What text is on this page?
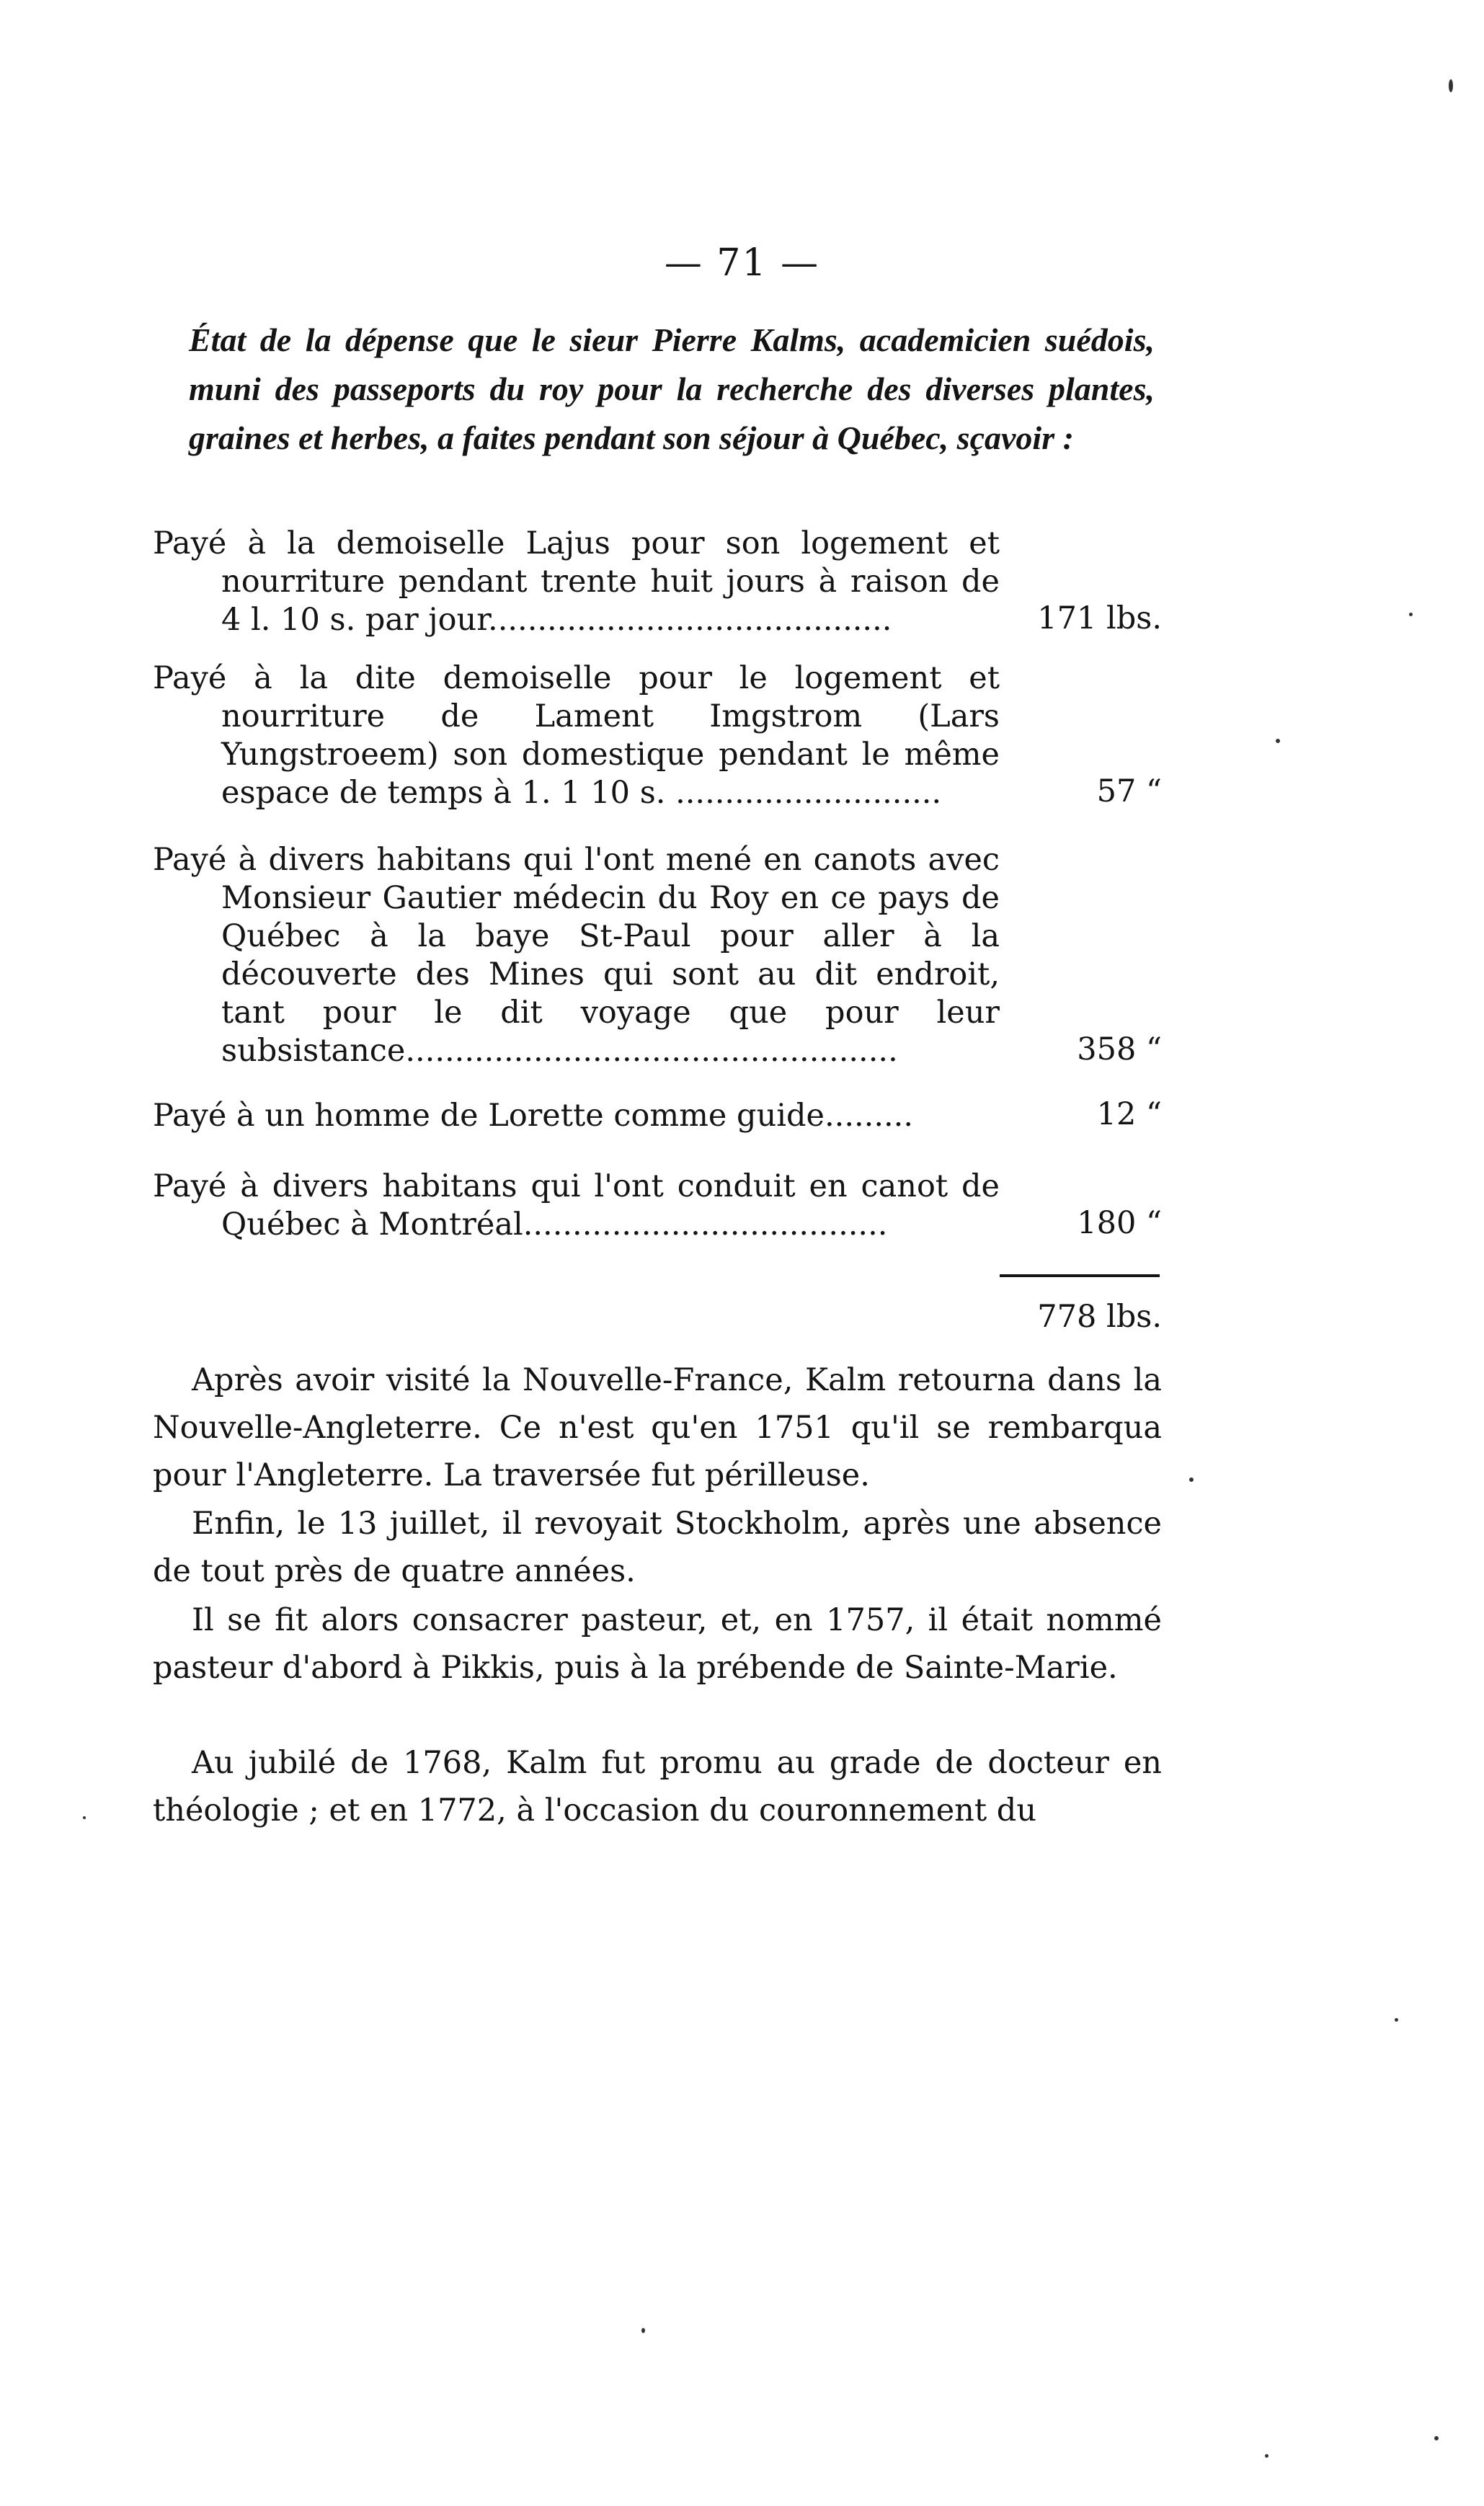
— 71 —
État de la dépense que le sieur Pierre Kalms, academicien suédois, muni des passeports du roy pour la recherche des diverses plantes, graines et herbes, a faites pendant son séjour à Québec, sçavoir :
Payé à la demoiselle Lajus pour son logement et nourriture pendant trente huit jours à raison de 4 l. 10 s. par jour.........................................	171 lbs.
Payé à la dite demoiselle pour le logement et nourriture de Lament Imgstrom (Lars Yungstroeem) son domestique pendant le même espace de temps à 1. 1 10 s. ...........................	57 “
Payé à divers habitans qui l'ont mené en canots avec Monsieur Gautier médecin du Roy en ce pays de Québec à la baye St-Paul pour aller à la découverte des Mines qui sont au dit endroit, tant pour le dit voyage que pour leur subsistance..................................................	358 “
Payé à un homme de Lorette comme guide.........	12 “
Payé à divers habitans qui l'ont conduit en canot de Québec à Montréal.....................................	180 “
778 lbs.
Après avoir visité la Nouvelle-France, Kalm retourna dans la Nouvelle-Angleterre. Ce n'est qu'en 1751 qu'il se rembarqua pour l'Angleterre. La traversée fut périlleuse.
Enfin, le 13 juillet, il revoyait Stockholm, après une absence de tout près de quatre années.
Il se fit alors consacrer pasteur, et, en 1757, il était nommé pasteur d'abord à Pikkis, puis à la prébende de Sainte-Marie.
Au jubilé de 1768, Kalm fut promu au grade de docteur en théologie ; et en 1772, à l'occasion du couronnement du
